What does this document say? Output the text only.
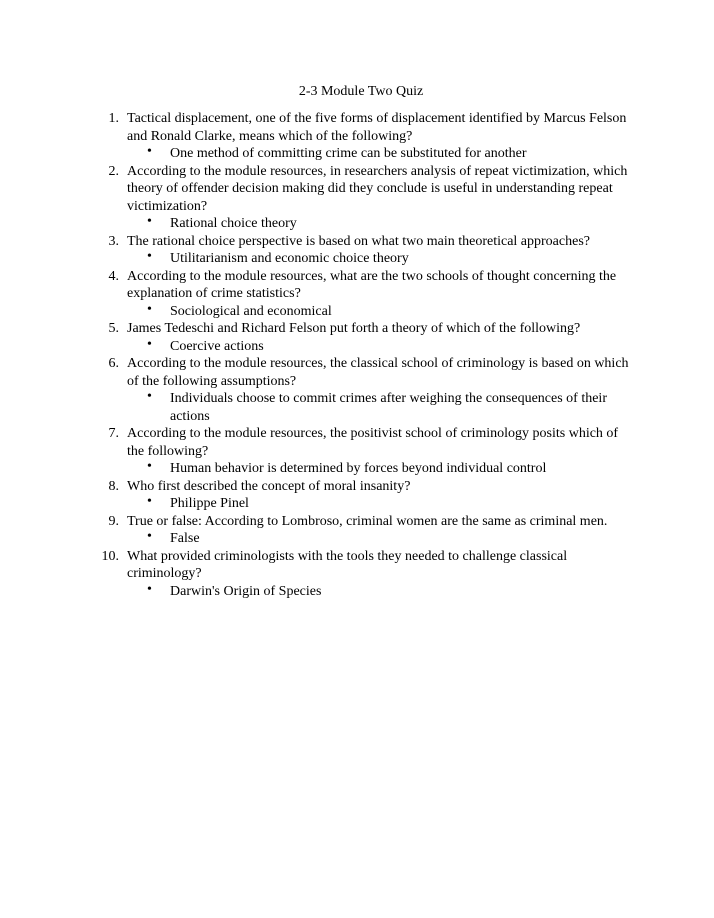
2-3 Module Two Quiz
1. Tactical displacement, one of the five forms of displacement identified by Marcus Felson and Ronald Clarke, means which of the following?
• One method of committing crime can be substituted for another
2. According to the module resources, in researchers analysis of repeat victimization, which theory of offender decision making did they conclude is useful in understanding repeat victimization?
• Rational choice theory
3. The rational choice perspective is based on what two main theoretical approaches?
• Utilitarianism and economic choice theory
4. According to the module resources, what are the two schools of thought concerning the explanation of crime statistics?
• Sociological and economical
5. James Tedeschi and Richard Felson put forth a theory of which of the following?
• Coercive actions
6. According to the module resources, the classical school of criminology is based on which of the following assumptions?
• Individuals choose to commit crimes after weighing the consequences of their actions
7. According to the module resources, the positivist school of criminology posits which of the following?
• Human behavior is determined by forces beyond individual control
8. Who first described the concept of moral insanity?
• Philippe Pinel
9. True or false: According to Lombroso, criminal women are the same as criminal men.
• False
10. What provided criminologists with the tools they needed to challenge classical criminology?
• Darwin's Origin of Species
